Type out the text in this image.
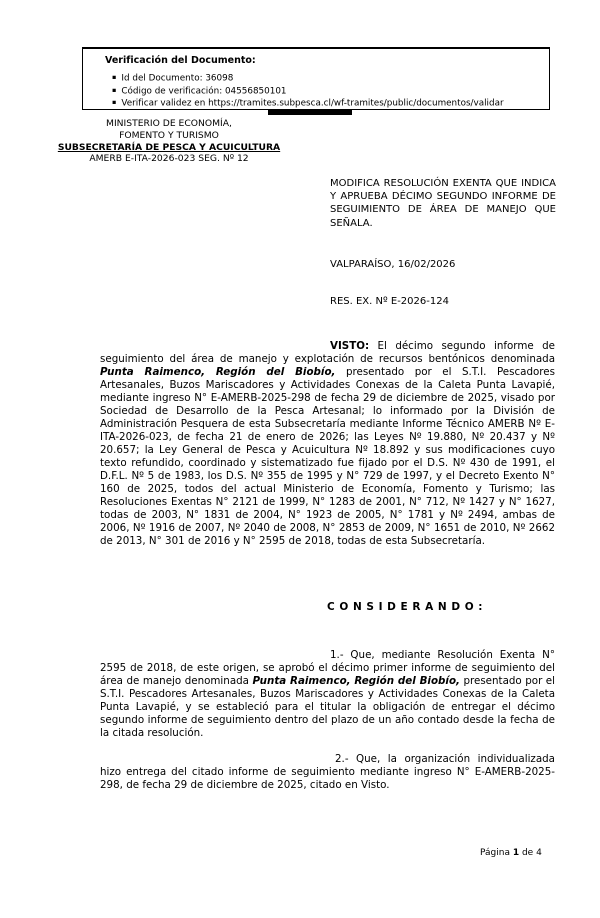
Verificación del Documento:
▪ Id del Documento: 36098
▪ Código de verificación: 04556850101
▪ Verificar validez en https://tramites.subpesca.cl/wf-tramites/public/documentos/validar
MINISTERIO DE ECONOMÍA,
FOMENTO Y TURISMO
SUBSECRETARÍA DE PESCA Y ACUICULTURA
AMERB E-ITA-2026-023 SEG. Nº 12
MODIFICA RESOLUCIÓN EXENTA QUE INDICA Y APRUEBA DÉCIMO SEGUNDO INFORME DE SEGUIMIENTO DE ÁREA DE MANEJO QUE SEÑALA.
VALPARAÍSO, 16/02/2026
RES. EX. Nº E-2026-124

VISTO: El décimo segundo informe de seguimiento del área de manejo y explotación de recursos bentónicos denominada Punta Raimenco, Región del Biobío, presentado por el S.T.I. Pescadores Artesanales, Buzos Mariscadores y Actividades Conexas de la Caleta Punta Lavapié, mediante ingreso N° E-AMERB-2025-298 de fecha 29 de diciembre de 2025, visado por Sociedad de Desarrollo de la Pesca Artesanal; lo informado por la División de Administración Pesquera de esta Subsecretaría mediante Informe Técnico AMERB Nº E-ITA-2026-023, de fecha 21 de enero de 2026; las Leyes Nº 19.880, Nº 20.437 y Nº 20.657; la Ley General de Pesca y Acuicultura Nº 18.892 y sus modificaciones cuyo texto refundido, coordinado y sistematizado fue fijado por el D.S. Nº 430 de 1991, el D.F.L. Nº 5 de 1983, los D.S. Nº 355 de 1995 y N° 729 de 1997, y el Decreto Exento N° 160 de 2025, todos del actual Ministerio de Economía, Fomento y Turismo; las Resoluciones Exentas N° 2121 de 1999, N° 1283 de 2001, N° 712, Nº 1427 y N° 1627, todas de 2003, N° 1831 de 2004, N° 1923 de 2005, N° 1781 y Nº 2494, ambas de 2006, Nº 1916 de 2007, Nº 2040 de 2008, N° 2853 de 2009, N° 1651 de 2010, Nº 2662 de 2013, N° 301 de 2016 y N° 2595 de 2018, todas de esta Subsecretaría.

C O N S I D E R A N D O :

1.- Que, mediante Resolución Exenta N° 2595 de 2018, de este origen, se aprobó el décimo primer informe de seguimiento del área de manejo denominada Punta Raimenco, Región del Biobío, presentado por el S.T.I. Pescadores Artesanales, Buzos Mariscadores y Actividades Conexas de la Caleta Punta Lavapié, y se estableció para el titular la obligación de entregar el décimo segundo informe de seguimiento dentro del plazo de un año contado desde la fecha de la citada resolución.

2.- Que, la organización individualizada hizo entrega del citado informe de seguimiento mediante ingreso N° E-AMERB-2025-298, de fecha 29 de diciembre de 2025, citado en Visto.

Página 1 de 4
